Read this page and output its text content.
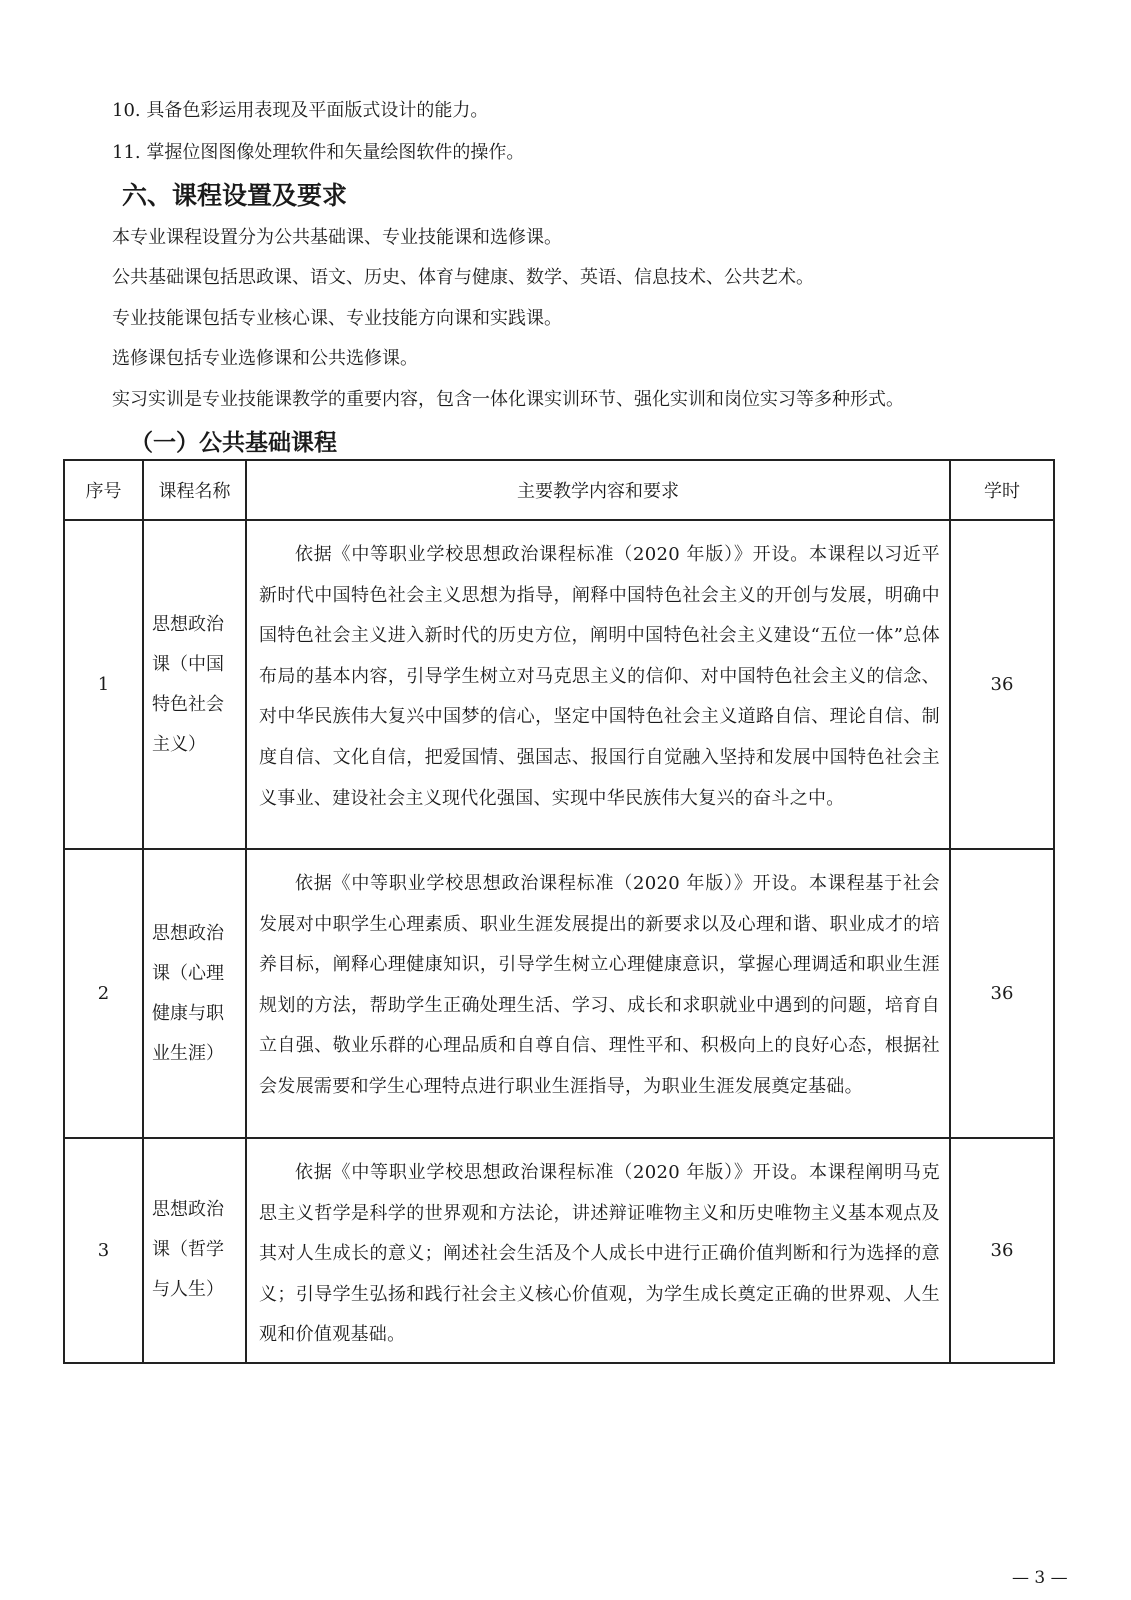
10. 具备色彩运用表现及平面版式设计的能力。
11. 掌握位图图像处理软件和矢量绘图软件的操作。
六、课程设置及要求
本专业课程设置分为公共基础课、专业技能课和选修课。
公共基础课包括思政课、语文、历史、体育与健康、数学、英语、信息技术、公共艺术。
专业技能课包括专业核心课、专业技能方向课和实践课。
选修课包括专业选修课和公共选修课。
实习实训是专业技能课教学的重要内容，包含一体化课实训环节、强化实训和岗位实习等多种形式。
（一）公共基础课程
序号	课程名称	主要教学内容和要求	学时
1	思想政治课（中国特色社会主义）	依据《中等职业学校思想政治课程标准（2020 年版）》开设。本课程以习近平新时代中国特色社会主义思想为指导，阐释中国特色社会主义的开创与发展，明确中国特色社会主义进入新时代的历史方位，阐明中国特色社会主义建设“五位一体”总体布局的基本内容，引导学生树立对马克思主义的信仰、对中国特色社会主义的信念、对中华民族伟大复兴中国梦的信心，坚定中国特色社会主义道路自信、理论自信、制度自信、文化自信，把爱国情、强国志、报国行自觉融入坚持和发展中国特色社会主义事业、建设社会主义现代化强国、实现中华民族伟大复兴的奋斗之中。	36
2	思想政治课（心理健康与职业生涯）	依据《中等职业学校思想政治课程标准（2020 年版）》开设。本课程基于社会发展对中职学生心理素质、职业生涯发展提出的新要求以及心理和谐、职业成才的培养目标，阐释心理健康知识，引导学生树立心理健康意识，掌握心理调适和职业生涯规划的方法，帮助学生正确处理生活、学习、成长和求职就业中遇到的问题，培育自立自强、敬业乐群的心理品质和自尊自信、理性平和、积极向上的良好心态，根据社会发展需要和学生心理特点进行职业生涯指导，为职业生涯发展奠定基础。	36
3	思想政治课（哲学与人生）	依据《中等职业学校思想政治课程标准（2020 年版）》开设。本课程阐明马克思主义哲学是科学的世界观和方法论，讲述辩证唯物主义和历史唯物主义基本观点及其对人生成长的意义；阐述社会生活及个人成长中进行正确价值判断和行为选择的意义；引导学生弘扬和践行社会主义核心价值观，为学生成长奠定正确的世界观、人生观和价值观基础。	36
— 3 —
